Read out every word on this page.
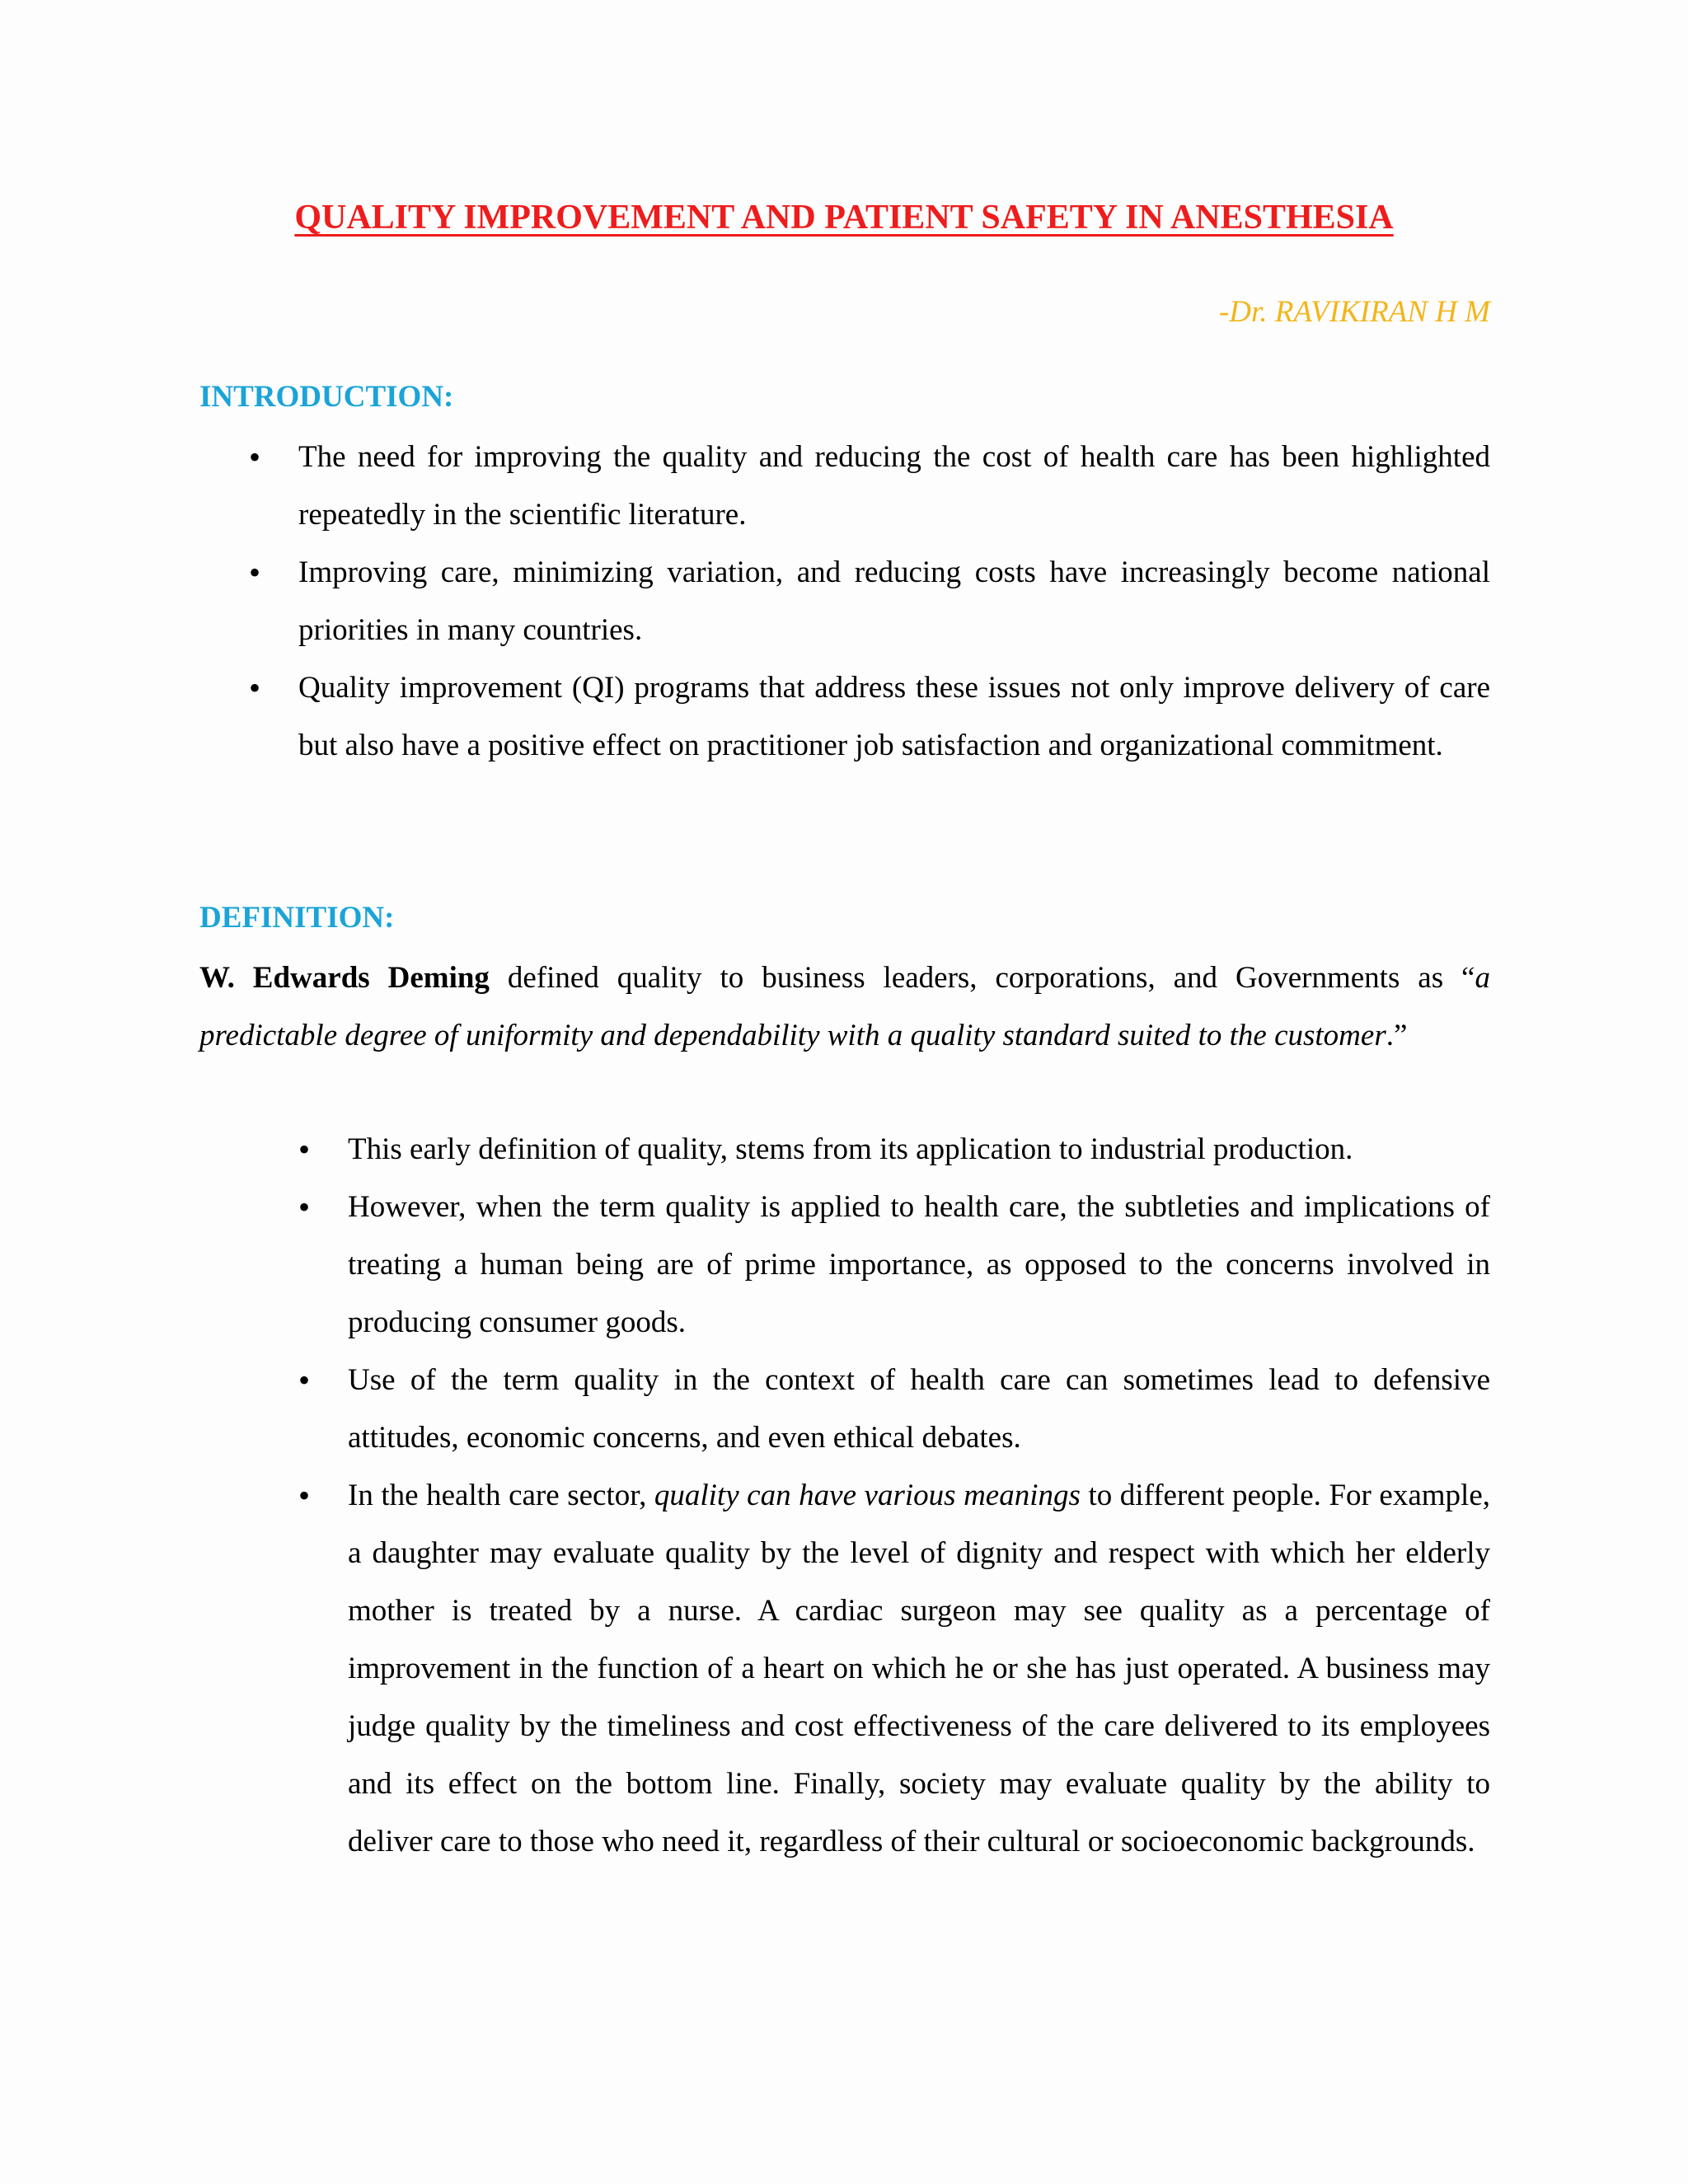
QUALITY IMPROVEMENT AND PATIENT SAFETY IN ANESTHESIA
-Dr. RAVIKIRAN H M
INTRODUCTION:
• The need for improving the quality and reducing the cost of health care has been highlighted repeatedly in the scientific literature.
• Improving care, minimizing variation, and reducing costs have increasingly become national priorities in many countries.
• Quality improvement (QI) programs that address these issues not only improve delivery of care but also have a positive effect on practitioner job satisfaction and organizational commitment.
DEFINITION:

W. Edwards Deming defined quality to business leaders, corporations, and Governments as “a predictable degree of uniformity and dependability with a quality standard suited to the customer.”

• This early definition of quality, stems from its application to industrial production.
• However, when the term quality is applied to health care, the subtleties and implications of treating a human being are of prime importance, as opposed to the concerns involved in producing consumer goods.
• Use of the term quality in the context of health care can sometimes lead to defensive attitudes, economic concerns, and even ethical debates.
• In the health care sector, quality can have various meanings to different people. For example, a daughter may evaluate quality by the level of dignity and respect with which her elderly mother is treated by a nurse. A cardiac surgeon may see quality as a percentage of improvement in the function of a heart on which he or she has just operated. A business may judge quality by the timeliness and cost effectiveness of the care delivered to its employees and its effect on the bottom line. Finally, society may evaluate quality by the ability to deliver care to those who need it, regardless of their cultural or socioeconomic backgrounds.
